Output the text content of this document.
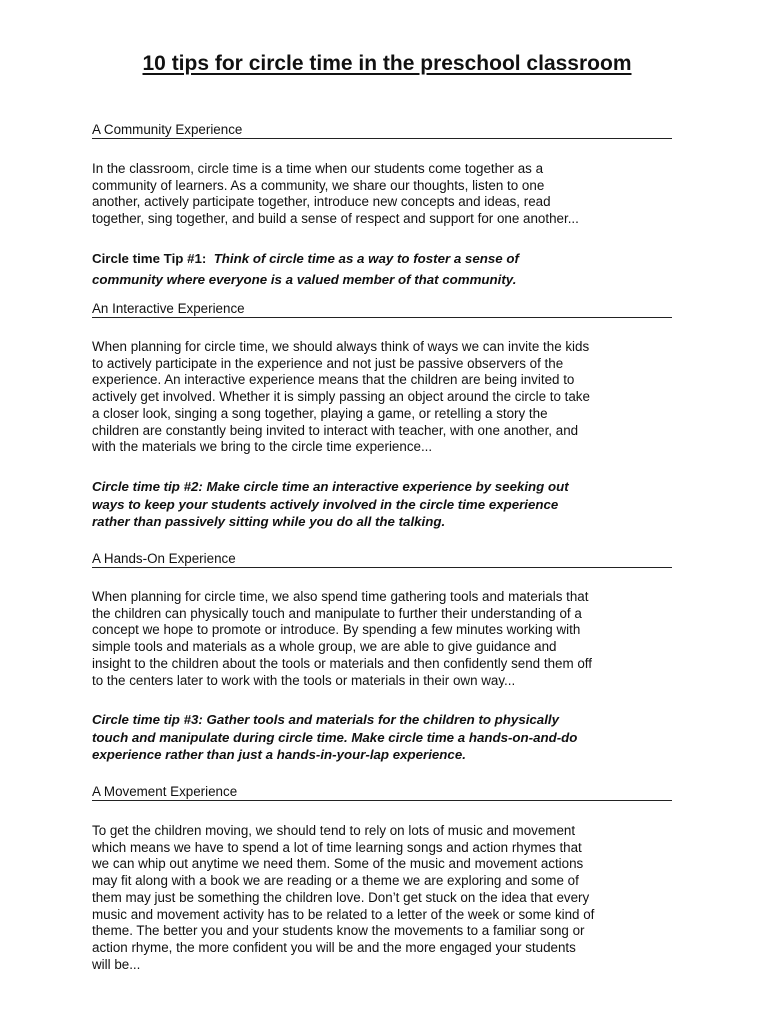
10 tips for circle time in the preschool classroom
A Community Experience
In the classroom, circle time is a time when our students come together as a
community of learners. As a community, we share our thoughts, listen to one
another, actively participate together, introduce new concepts and ideas, read
together, sing together, and build a sense of respect and support for one another...
Circle time Tip #1: Think of circle time as a way to foster a sense of
community where everyone is a valued member of that community.
An Interactive Experience
When planning for circle time, we should always think of ways we can invite the kids
to actively participate in the experience and not just be passive observers of the
experience. An interactive experience means that the children are being invited to
actively get involved. Whether it is simply passing an object around the circle to take
a closer look, singing a song together, playing a game, or retelling a story the
children are constantly being invited to interact with teacher, with one another, and
with the materials we bring to the circle time experience...
Circle time tip #2: Make circle time an interactive experience by seeking out
ways to keep your students actively involved in the circle time experience
rather than passively sitting while you do all the talking.
A Hands-On Experience
When planning for circle time, we also spend time gathering tools and materials that
the children can physically touch and manipulate to further their understanding of a
concept we hope to promote or introduce. By spending a few minutes working with
simple tools and materials as a whole group, we are able to give guidance and
insight to the children about the tools or materials and then confidently send them off
to the centers later to work with the tools or materials in their own way...
Circle time tip #3: Gather tools and materials for the children to physically
touch and manipulate during circle time. Make circle time a hands-on-and-do
experience rather than just a hands-in-your-lap experience.
A Movement Experience
To get the children moving, we should tend to rely on lots of music and movement
which means we have to spend a lot of time learning songs and action rhymes that
we can whip out anytime we need them. Some of the music and movement actions
may fit along with a book we are reading or a theme we are exploring and some of
them may just be something the children love. Don’t get stuck on the idea that every
music and movement activity has to be related to a letter of the week or some kind of
theme. The better you and your students know the movements to a familiar song or
action rhyme, the more confident you will be and the more engaged your students
will be...
